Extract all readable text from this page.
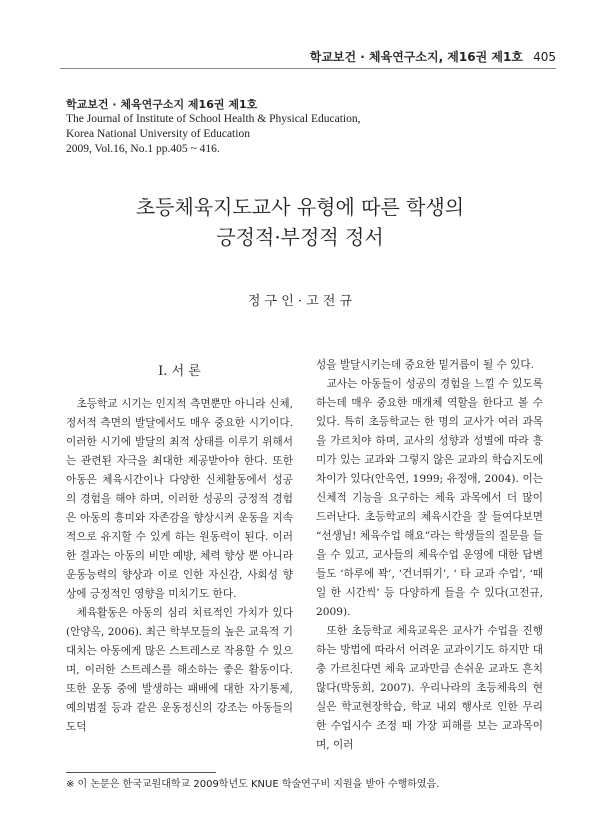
학교보건 · 체육연구소지, 제16권 제1호 405
학교보건 · 체육연구소지 제16권 제1호
The Journal of Institute of School Health & Physical Education,
Korea National University of Education
2009, Vol.16, No.1 pp.405 ~ 416.
초등체육지도교사 유형에 따른 학생의
긍정적·부정적 정서
정 구 인 · 고 전 규
Ⅰ. 서 론

초등학교 시기는 인지적 측면뿐만 아니라 신체, 정서적 측면의 발달에서도 매우 중요한 시기이다. 이러한 시기에 발달의 최적 상태를 이루기 위해서는 관련된 자극을 최대한 제공받아야 한다. 또한 아동은 체육시간이나 다양한 신체활동에서 성공의 경험을 해야 하며, 이러한 성공의 긍정적 경험은 아동의 흥미와 자존감을 향상시켜 운동을 지속적으로 유지할 수 있게 하는 원동력이 된다. 이러한 결과는 아동의 비만 예방, 체력 향상 뿐 아니라 운동능력의 향상과 이로 인한 자신감, 사회성 향상에 긍정적인 영향을 미치기도 한다.

체육활동은 아동의 심리 치료적인 가치가 있다(안양옥, 2006). 최근 학부모들의 높은 교육적 기대치는 아동에게 많은 스트레스로 작용할 수 있으며, 이러한 스트레스를 해소하는 좋은 활동이다. 또한 운동 중에 발생하는 패배에 대한 자기통제, 예의범절 등과 같은 운동정신의 강조는 아동들의 도덕

성을 발달시키는데 중요한 밑거름이 될 수 있다.

교사는 아동들이 성공의 경험을 느낄 수 있도록 하는데 매우 중요한 매개체 역할을 한다고 볼 수 있다. 특히 초등학교는 한 명의 교사가 여러 과목을 가르치야 하며, 교사의 성향과 성별에 따라 흥미가 있는 교과와 그렇지 않은 교과의 학습지도에 차이가 있다(안옥연, 1999; 유정애, 2004). 이는 신체적 기능을 요구하는 체육 과목에서 더 많이 드러난다. 초등학교의 체육시간을 잘 들여다보면 “선생님! 체육수업 해요”라는 학생들의 질문을 들을 수 있고, 교사들의 체육수업 운영에 대한 답변들도 ‘하루에 꽉’, ‘건너뛰기’, ‘ 타 교과 수업’, ‘때일 한 시간씩’ 등 다양하게 들을 수 있다(고전규, 2009).

또한 초등학교 체육교육은 교사가 수업을 진행하는 방법에 따라서 어려운 교과이기도 하지만 대충 가르친다면 체육 교과만큼 손쉬운 교과도 흔치 않다(박동희, 2007). 우리나라의 초등체육의 현실은 학교현장학습, 학교 내외 행사로 인한 무리한 수업시수 조정 때 가장 피해를 보는 교과목이며, 이러

※ 이 논문은 한국교원대학교 2009학년도 KNUE 학술연구비 지원을 받아 수행하였음.
